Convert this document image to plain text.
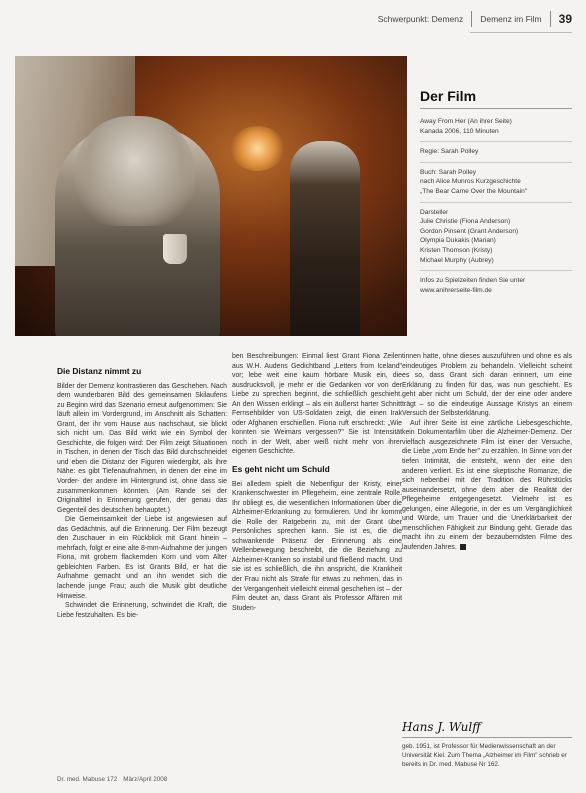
Schwerpunkt: Demenz Demenz im Film 39
Der Film
Away From Her (An ihrer Seite)
Kanada 2006, 110 Minuten
Regie: Sarah Polley
Buch: Sarah Polley
nach Alice Munros Kurzgeschichte
„The Bear Came Over the Mountain"
Darsteller
Julie Christie (Fiona Anderson)
Gordon Pinsent (Grant Anderson)
Olympia Dukakis (Marian)
Kristen Thomson (Kristy)
Michael Murphy (Aubrey)
Infos zu Spielzeiten finden Sie unter
www.anihrerseite-film.de
Die Distanz nimmt zu

Bilder der Demenz kontrastieren das Geschehen. Nach dem wunderbaren Bild des gemeinsamen Skilaufens zu Beginn wird das Szenario erneut aufgenommen: Sie läuft allein im Vordergrund, im Anschnitt als Schatten: Grant, der ihr vom Hause aus nachschaut, sie blickt sich nicht um. Das Bild wirkt wie ein Symbol der Geschichte, die folgen wird: Der Film zeigt Situationen in Tischen, in denen der Tisch das Bild durchschneidet und eben die Distanz der Figuren wiedergibt, als ihre Nähe: es gibt Tiefenaufnahmen, in denen der eine im Vorder- der andere im Hintergrund ist, ohne dass sie zusammenkommen könnten. (Am Rande sei der Originaltitel in Erinnerung gerufen, der genau das Gegenteil des deutschen behauptet.)

Die Gemeinsamkeit der Liebe ist angewiesen auf das Gedächtnis, auf die Erinnerung. Der Film bezeugt den Zuschauer in ein Rückblick mit Grant hinein – mehrfach, folgt er eine alte 8-mm-Aufnahme der jungen Fiona, mit grobem flackernden Korn und vom Alter gebleichten Farben. Es ist Grants Bild, er hat die Aufnahme gemacht und an ihn wendet sich die lachende junge Frau; auch die Musik gibt deutliche Hinweise.

Schwindet die Erinnerung, schwindet die Kraft, die Liebe festzuhalten. Es bie-

ben Beschreibungen: Einmal liest Grant Fiona Zeilen aus W.H. Audens Gedichtband „Letters from Iceland" vor; lebe weit eine kaum hörbare Musik ein, die ausdrucksvoll, je mehr er die Gedanken vor von der Liebe zu sprechen beginnt, die schließlich geschieht. An den Wissen erklingt – als ein äußerst harter Schnitt Fernsehbilder von US-Soldaten zeigt, die einen Irak oder Afghanen erschießen. Fiona ruft erschreckt: „Wie konnten sie Weimars vergessen?" Sie ist Intensität noch in der Welt, aber weiß nicht mehr von ihrer eigenen Geschichte.

Es geht nicht um Schuld

Bei alledem spielt die Nebenfigur der Kristy, einer Krankenschwester im Pflegeheim, eine zentrale Rolle. Ihr obliegt es, die wesentlichen Informationen über die Alzheimer-Erkrankung zu formulieren. Und ihr kommt die Rolle der Ratgeberin zu, mit der Grant über Persönliches sprechen kann. Sie ist es, die die schwankende Präsenz der Erinnerung als eine Wellenbewegung beschreibt, die die Beziehung zu Alzheimer-Kranken so instabil und fließend macht. Und sie ist es schließlich, die ihn anspricht, die Krankheit der Frau nicht als Strafe für etwas zu nehmen, das in der Vergangenheit vielleicht einmal geschehen ist – der Film deutet an, dass Grant als Professor Affären mit Studen-

tinnen hatte, ohne dieses auszuführen und ohne es als eindeutiges Problem zu behandeln. Vielleicht scheint es so, dass Grant sich daran erinnert, um eine Erklärung zu finden für das, was nun geschieht. Es geht aber nicht um Schuld, der der eine oder andere trägt – so die eindeutige Aussage Kristys an einem Versuch der Selbsterklärung.

Auf ihrer Seite ist eine zärtliche Liebesgeschichte, kein Dokumentarfilm über die Alzheimer-Demenz. Der vielfach ausgezeichnete Film ist einer der Versuche, die Liebe „vom Ende her" zu erzählen. In Sinne von der tiefen Intimität, die entsteht, wenn der eine den anderen verliert. Es ist eine skeptische Romanze, die sich nebenbei mit der Tradition des Rührstücks auseinandersetzt, ohne dem aber die Realität der Pflegeheime entgegengesetzt. Vielmehr ist es gelungen, eine Allegorie, in der es um Vergänglichkeit und Würde, um Trauer und die Unerklärbarkeit der menschlichen Fähigkeit zur Bindung geht. Gerade das macht ihn zu einem der bezauberndsten Filme des laufenden Jahres.

Hans J. Wulff
geb. 1951, ist Professor für Medienwissenschaft an der Universität Kiel. Zum Thema „Alzheimer im Film" schrieb er bereits in Dr. med. Mabuse Nr 162.
Dr. med. Mabuse 172 März/April 2008
